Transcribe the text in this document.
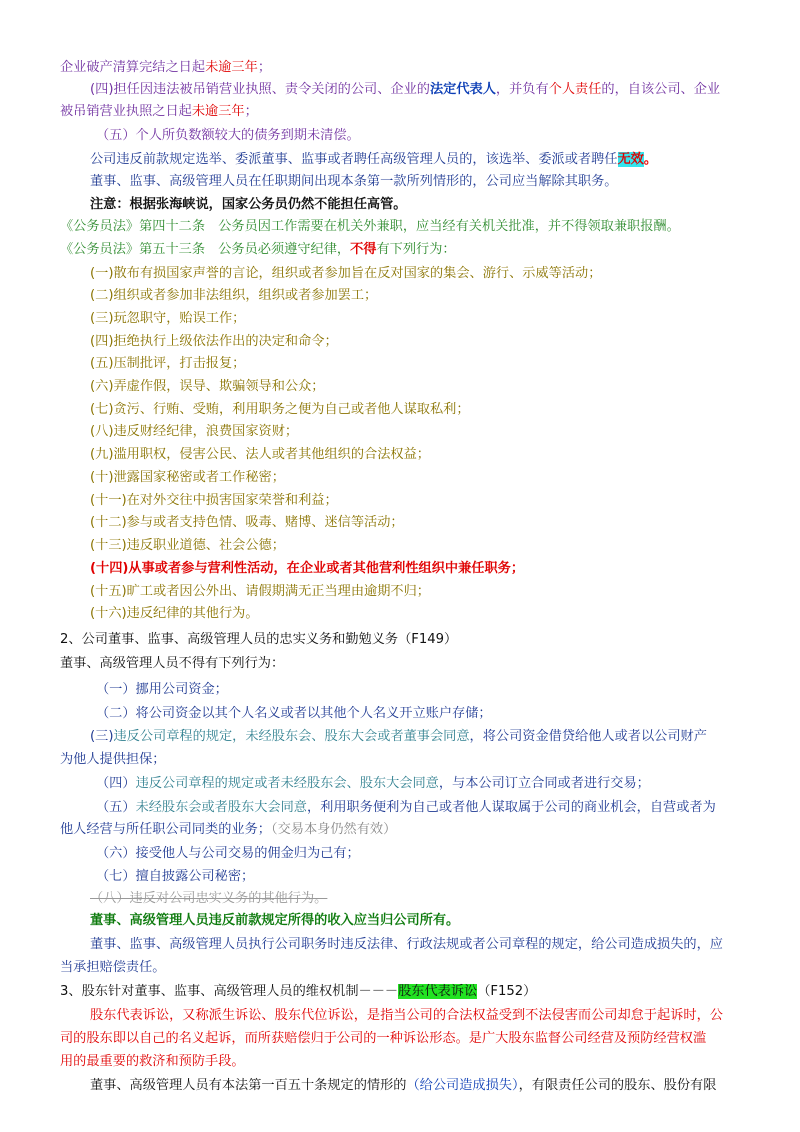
企业破产清算完结之日起未逾三年；
(四)担任因违法被吊销营业执照、责令关闭的公司、企业的法定代表人，并负有个人责任的，自该公司、企业
被吊销营业执照之日起未逾三年；
（五）个人所负数额较大的债务到期未清偿。
公司违反前款规定选举、委派董事、监事或者聘任高级管理人员的，该选举、委派或者聘任无效。
董事、监事、高级管理人员在任职期间出现本条第一款所列情形的，公司应当解除其职务。
注意：根据张海峡说，国家公务员仍然不能担任高管。
《公务员法》第四十二条　公务员因工作需要在机关外兼职，应当经有关机关批准，并不得领取兼职报酬。
《公务员法》第五十三条　公务员必须遵守纪律，不得有下列行为：
(一)散布有损国家声誉的言论，组织或者参加旨在反对国家的集会、游行、示威等活动；
(二)组织或者参加非法组织，组织或者参加罢工；
(三)玩忽职守，贻误工作；
(四)拒绝执行上级依法作出的决定和命令；
(五)压制批评，打击报复；
(六)弄虚作假，误导、欺骗领导和公众；
(七)贪污、行贿、受贿，利用职务之便为自己或者他人谋取私利；
(八)违反财经纪律，浪费国家资财；
(九)滥用职权，侵害公民、法人或者其他组织的合法权益；
(十)泄露国家秘密或者工作秘密；
(十一)在对外交往中损害国家荣誉和利益；
(十二)参与或者支持色情、吸毒、赌博、迷信等活动；
(十三)违反职业道德、社会公德；
(十四)从事或者参与营利性活动，在企业或者其他营利性组织中兼任职务；
(十五)旷工或者因公外出、请假期满无正当理由逾期不归；
(十六)违反纪律的其他行为。
2、公司董事、监事、高级管理人员的忠实义务和勤勉义务（F149）
董事、高级管理人员不得有下列行为：
（一）挪用公司资金；
（二）将公司资金以其个人名义或者以其他个人名义开立账户存储；
(三)违反公司章程的规定，未经股东会、股东大会或者董事会同意，将公司资金借贷给他人或者以公司财产
为他人提供担保；
（四）违反公司章程的规定或者未经股东会、股东大会同意，与本公司订立合同或者进行交易；
（五）未经股东会或者股东大会同意，利用职务便利为自己或者他人谋取属于公司的商业机会，自营或者为
他人经营与所任职公司同类的业务；（交易本身仍然有效）
（六）接受他人与公司交易的佣金归为己有；
（七）擅自披露公司秘密；
（八）违反对公司忠实义务的其他行为。
董事、高级管理人员违反前款规定所得的收入应当归公司所有。
董事、监事、高级管理人员执行公司职务时违反法律、行政法规或者公司章程的规定，给公司造成损失的，应
当承担赔偿责任。
3、股东针对董事、监事、高级管理人员的维权机制－－－股东代表诉讼（F152）
股东代表诉讼，又称派生诉讼、股东代位诉讼，是指当公司的合法权益受到不法侵害而公司却怠于起诉时，公
司的股东即以自己的名义起诉，而所获赔偿归于公司的一种诉讼形态。是广大股东监督公司经营及预防经营权滥
用的最重要的救济和预防手段。
董事、高级管理人员有本法第一百五十条规定的情形的（给公司造成损失），有限责任公司的股东、股份有限
